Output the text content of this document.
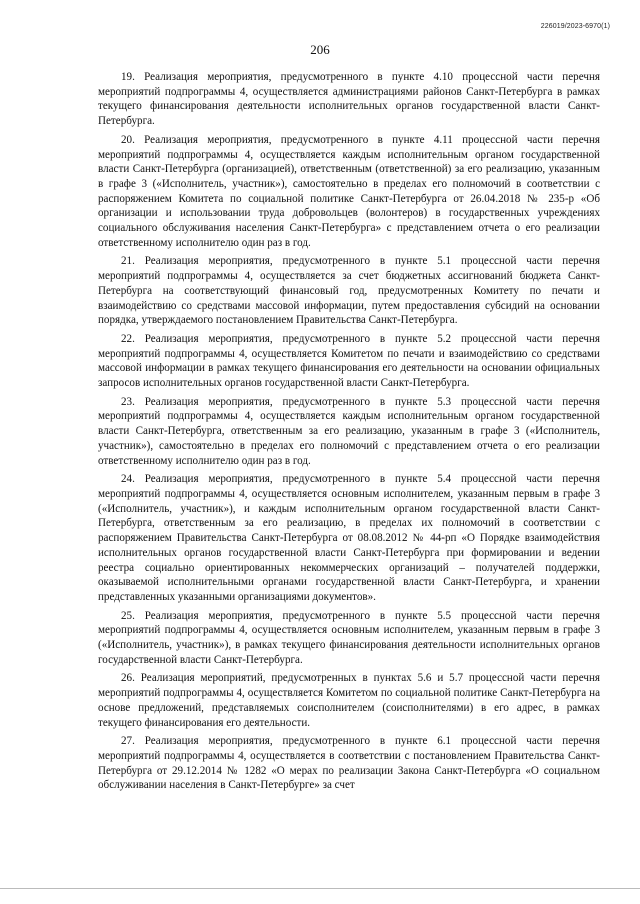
226019/2023-6970(1)
206

19. Реализация мероприятия, предусмотренного в пункте 4.10 процессной части перечня мероприятий подпрограммы 4, осуществляется администрациями районов Санкт-Петербурга в рамках текущего финансирования деятельности исполнительных органов государственной власти Санкт-Петербурга.

20. Реализация мероприятия, предусмотренного в пункте 4.11 процессной части перечня мероприятий подпрограммы 4, осуществляется каждым исполнительным органом государственной власти Санкт-Петербурга (организацией), ответственным (ответственной) за его реализацию, указанным в графе 3 («Исполнитель, участник»), самостоятельно в пределах его полномочий в соответствии с распоряжением Комитета по социальной политике Санкт-Петербурга от 26.04.2018 № 235-р «Об организации и использовании труда добровольцев (волонтеров) в государственных учреждениях социального обслуживания населения Санкт-Петербурга» с представлением отчета о его реализации ответственному исполнителю один раз в год.

21. Реализация мероприятия, предусмотренного в пункте 5.1 процессной части перечня мероприятий подпрограммы 4, осуществляется за счет бюджетных ассигнований бюджета Санкт-Петербурга на соответствующий финансовый год, предусмотренных Комитету по печати и взаимодействию со средствами массовой информации, путем предоставления субсидий на основании порядка, утверждаемого постановлением Правительства Санкт-Петербурга.

22. Реализация мероприятия, предусмотренного в пункте 5.2 процессной части перечня мероприятий подпрограммы 4, осуществляется Комитетом по печати и взаимодействию со средствами массовой информации в рамках текущего финансирования его деятельности на основании официальных запросов исполнительных органов государственной власти Санкт-Петербурга.

23. Реализация мероприятия, предусмотренного в пункте 5.3 процессной части перечня мероприятий подпрограммы 4, осуществляется каждым исполнительным органом государственной власти Санкт-Петербурга, ответственным за его реализацию, указанным в графе 3 («Исполнитель, участник»), самостоятельно в пределах его полномочий с представлением отчета о его реализации ответственному исполнителю один раз в год.

24. Реализация мероприятия, предусмотренного в пункте 5.4 процессной части перечня мероприятий подпрограммы 4, осуществляется основным исполнителем, указанным первым в графе 3 («Исполнитель, участник»), и каждым исполнительным органом государственной власти Санкт-Петербурга, ответственным за его реализацию, в пределах их полномочий в соответствии с распоряжением Правительства Санкт-Петербурга от 08.08.2012 № 44-рп «О Порядке взаимодействия исполнительных органов государственной власти Санкт-Петербурга при формировании и ведении реестра социально ориентированных некоммерческих организаций – получателей поддержки, оказываемой исполнительными органами государственной власти Санкт-Петербурга, и хранении представленных указанными организациями документов».

25. Реализация мероприятия, предусмотренного в пункте 5.5 процессной части перечня мероприятий подпрограммы 4, осуществляется основным исполнителем, указанным первым в графе 3 («Исполнитель, участник»), в рамках текущего финансирования деятельности исполнительных органов государственной власти Санкт-Петербурга.

26. Реализация мероприятий, предусмотренных в пунктах 5.6 и 5.7 процессной части перечня мероприятий подпрограммы 4, осуществляется Комитетом по социальной политике Санкт-Петербурга на основе предложений, представляемых соисполнителем (соисполнителями) в его адрес, в рамках текущего финансирования его деятельности.

27. Реализация мероприятия, предусмотренного в пункте 6.1 процессной части перечня мероприятий подпрограммы 4, осуществляется в соответствии с постановлением Правительства Санкт-Петербурга от 29.12.2014 № 1282 «О мерах по реализации Закона Санкт-Петербурга «О социальном обслуживании населения в Санкт-Петербурге» за счет
